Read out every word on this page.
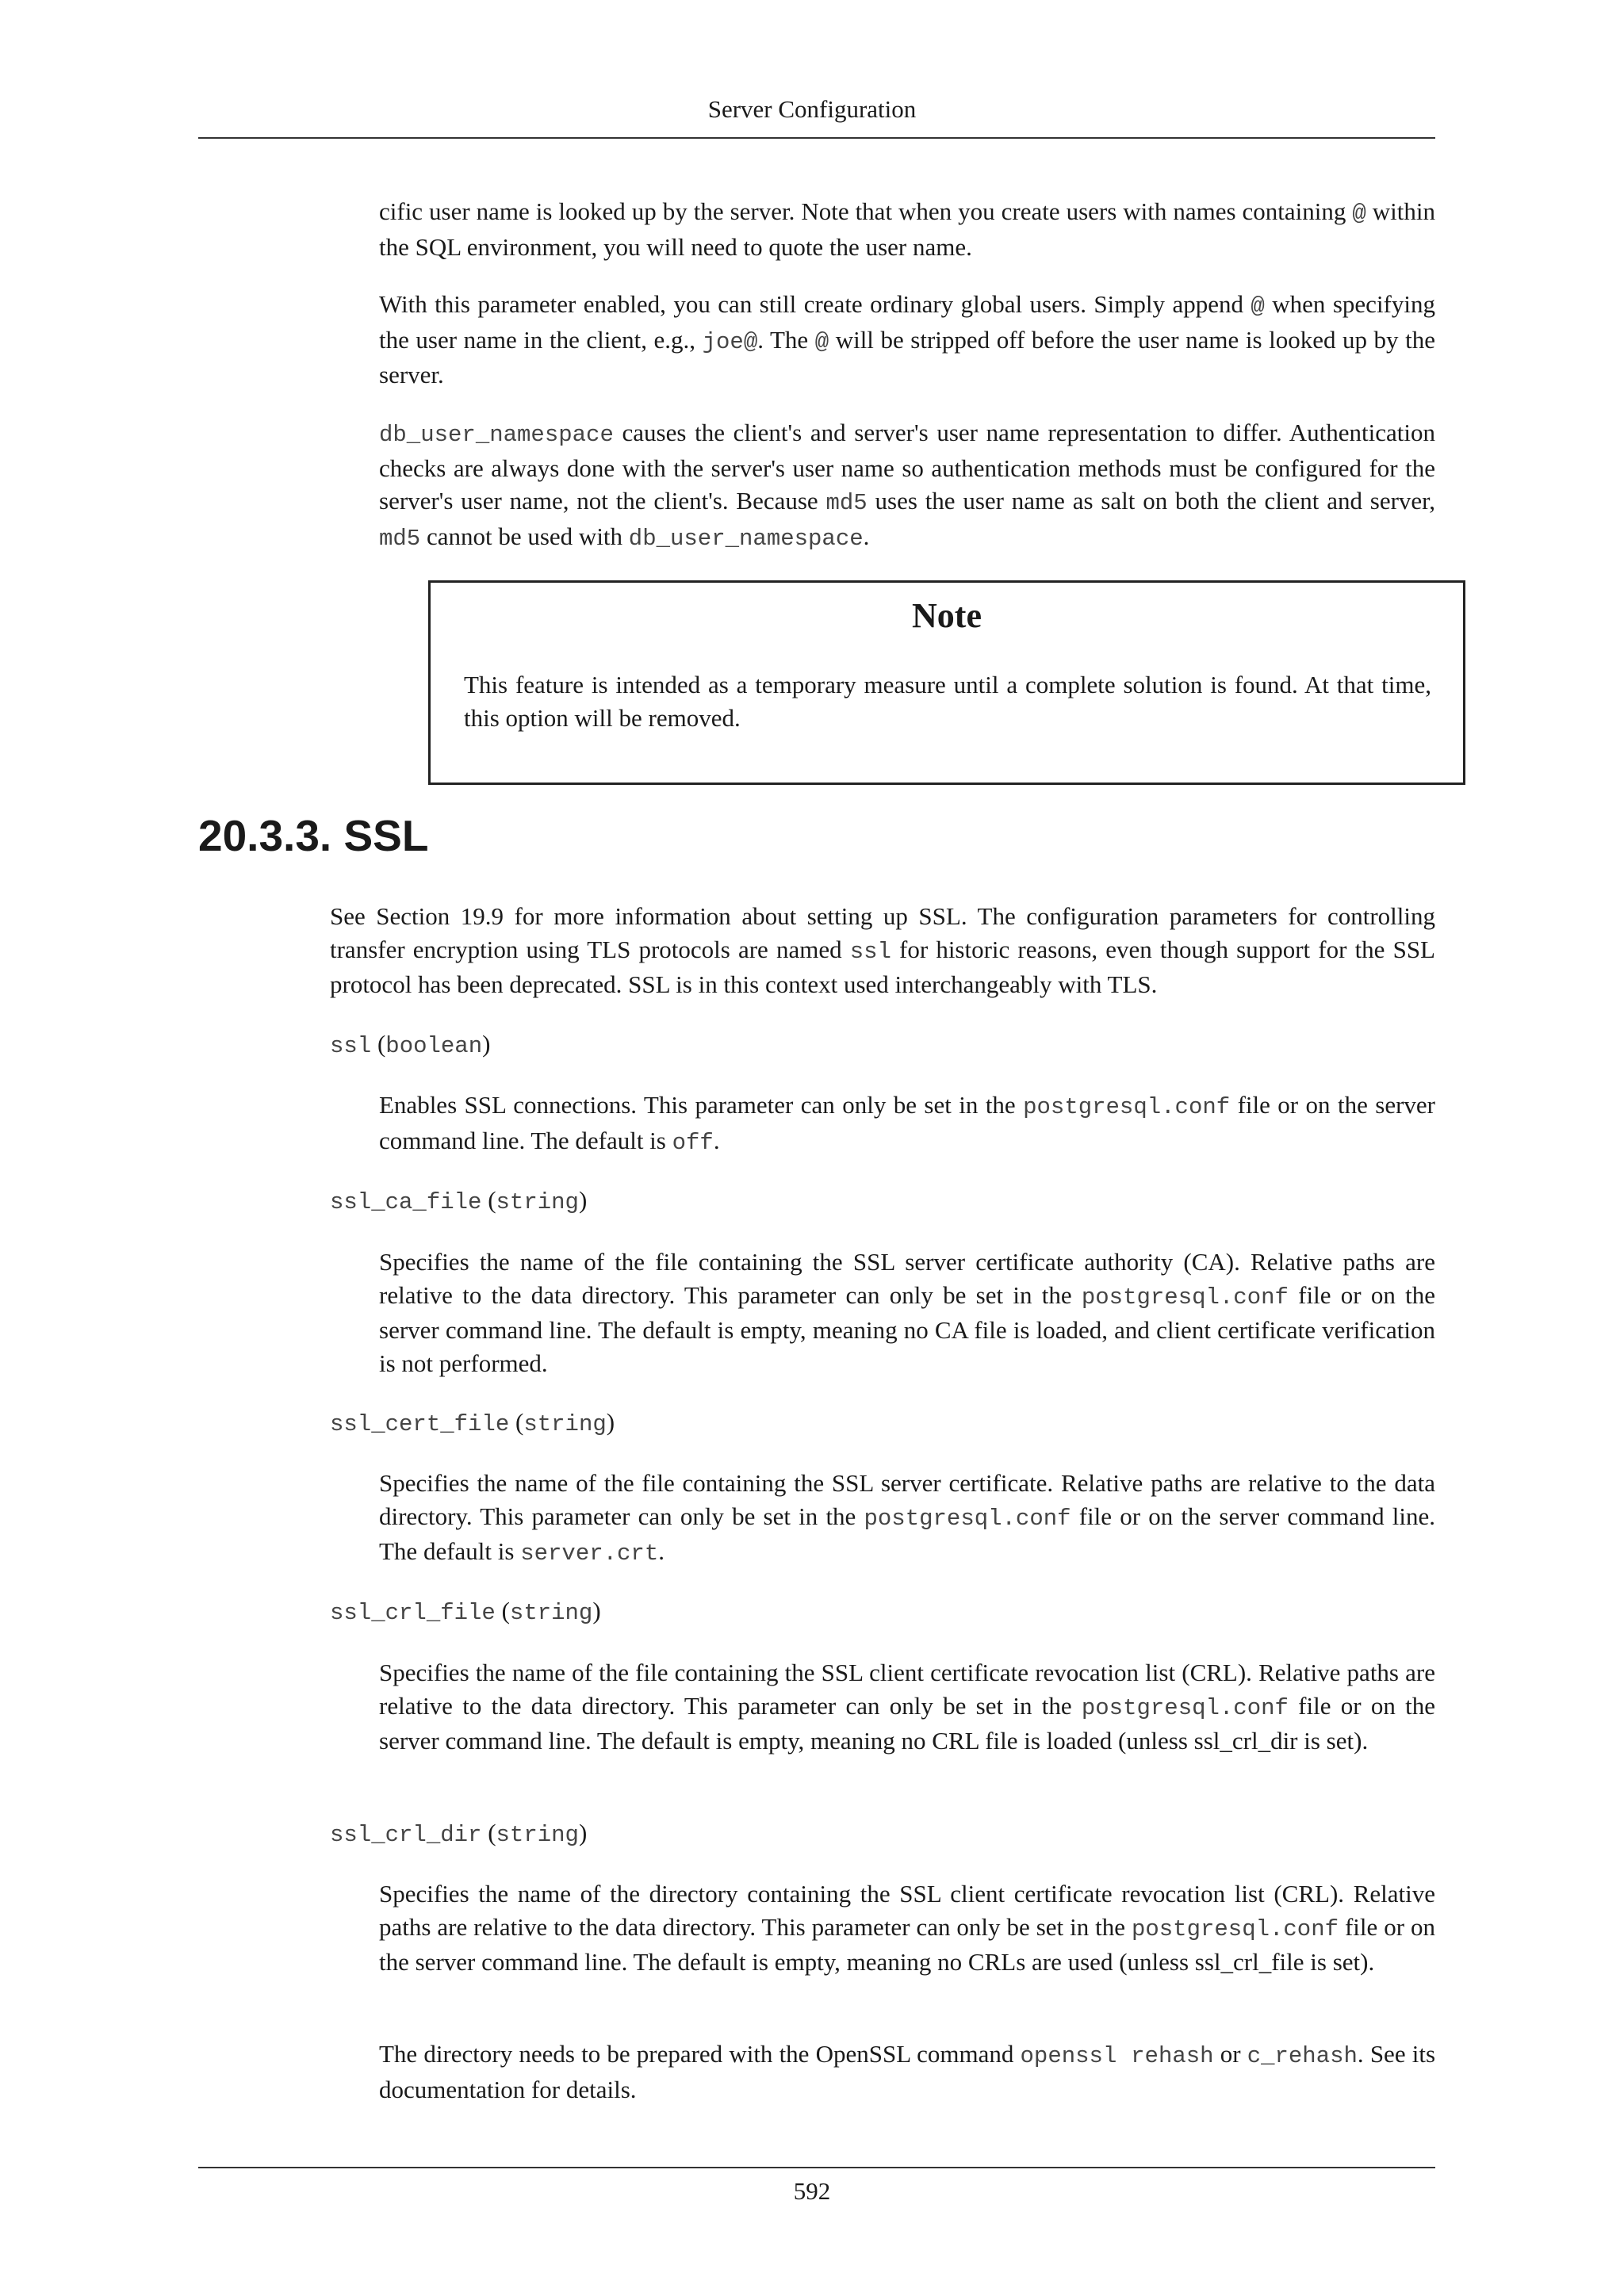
Server Configuration

cific user name is looked up by the server. Note that when you create users with names containing @ within the SQL environment, you will need to quote the user name.

With this parameter enabled, you can still create ordinary global users. Simply append @ when specifying the user name in the client, e.g., joe@. The @ will be stripped off before the user name is looked up by the server.

db_user_namespace causes the client's and server's user name representation to differ. Authentication checks are always done with the server's user name so authentication methods must be configured for the server's user name, not the client's. Because md5 uses the user name as salt on both the client and server, md5 cannot be used with db_user_namespace.

Note
This feature is intended as a temporary measure until a complete solution is found. At that time, this option will be removed.
20.3.3. SSL

See Section 19.9 for more information about setting up SSL. The configuration parameters for controlling transfer encryption using TLS protocols are named ssl for historic reasons, even though support for the SSL protocol has been deprecated. SSL is in this context used interchangeably with TLS.

ssl (boolean)

Enables SSL connections. This parameter can only be set in the postgresql.conf file or on the server command line. The default is off.

ssl_ca_file (string)

Specifies the name of the file containing the SSL server certificate authority (CA). Relative paths are relative to the data directory. This parameter can only be set in the postgresql.conf file or on the server command line. The default is empty, meaning no CA file is loaded, and client certificate verification is not performed.

ssl_cert_file (string)

Specifies the name of the file containing the SSL server certificate. Relative paths are relative to the data directory. This parameter can only be set in the postgresql.conf file or on the server command line. The default is server.crt.

ssl_crl_file (string)

Specifies the name of the file containing the SSL client certificate revocation list (CRL). Relative paths are relative to the data directory. This parameter can only be set in the postgresql.conf file or on the server command line. The default is empty, meaning no CRL file is loaded (unless ssl_crl_dir is set).

ssl_crl_dir (string)

Specifies the name of the directory containing the SSL client certificate revocation list (CRL). Relative paths are relative to the data directory. This parameter can only be set in the postgresql.conf file or on the server command line. The default is empty, meaning no CRLs are used (unless ssl_crl_file is set).

The directory needs to be prepared with the OpenSSL command openssl rehash or c_rehash. See its documentation for details.

592
